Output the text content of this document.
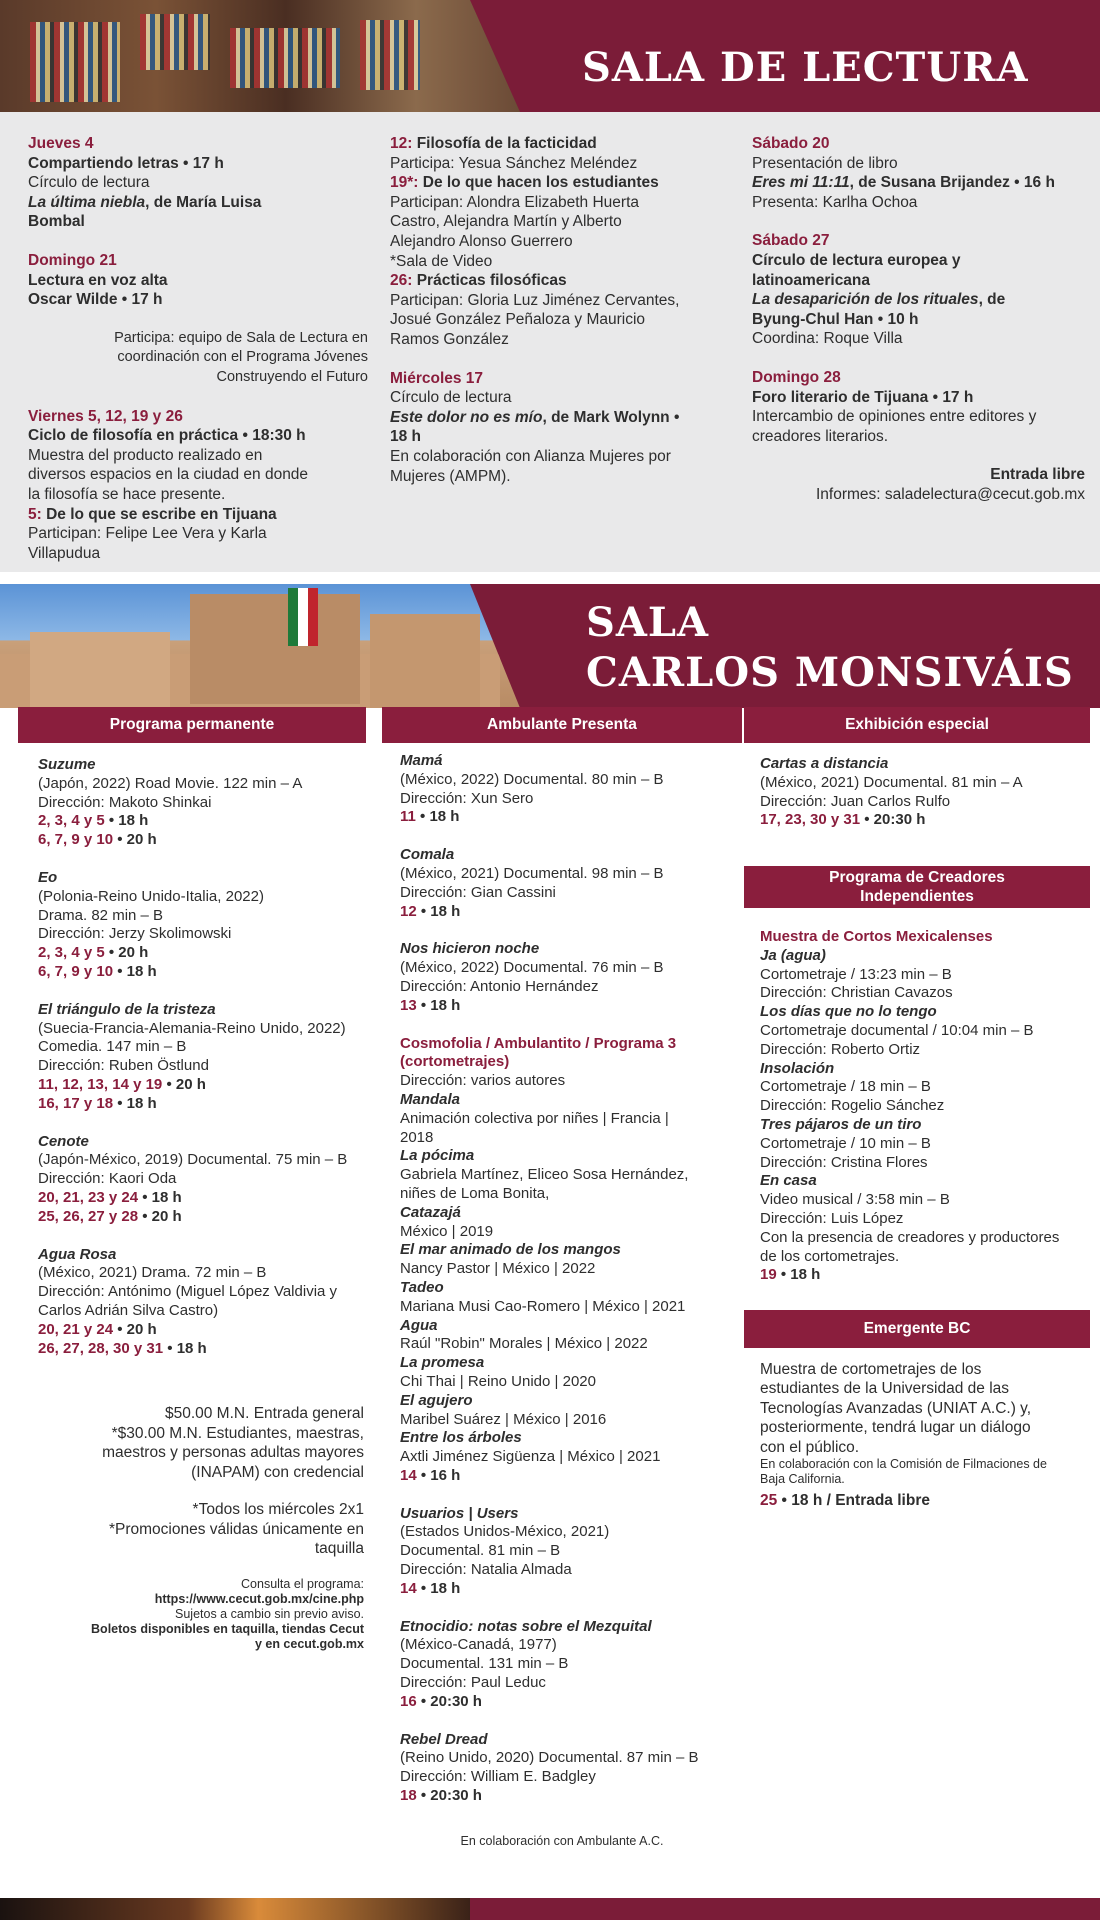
SALA DE LECTURA

Jueves 4

Compartiendo letras • 17 h

Círculo de lectura

La última niebla, de María Luisa

Bombal

Domingo 21

Lectura en voz alta

Oscar Wilde • 17 h

Participa: equipo de Sala de Lectura en

coordinación con el Programa Jóvenes

Construyendo el Futuro

Viernes 5, 12, 19 y 26

Ciclo de filosofía en práctica • 18:30 h

Muestra del producto realizado en

diversos espacios en la ciudad en donde

la filosofía se hace presente.

5: De lo que se escribe en Tijuana

Participan: Felipe Lee Vera y Karla

Villapudua

12: Filosofía de la facticidad

Participa: Yesua Sánchez Meléndez

19*: De lo que hacen los estudiantes

Participan: Alondra Elizabeth Huerta

Castro, Alejandra Martín y Alberto

Alejandro Alonso Guerrero

*Sala de Video

26: Prácticas filosóficas

Participan: Gloria Luz Jiménez Cervantes,

Josué González Peñaloza y Mauricio

Ramos González

Miércoles 17

Círculo de lectura

Este dolor no es mío, de Mark Wolynn •

18 h

En colaboración con Alianza Mujeres por

Mujeres (AMPM).

Sábado 20

Presentación de libro

Eres mi 11:11, de Susana Brijandez • 16 h

Presenta: Karlha Ochoa

Sábado 27

Círculo de lectura europea y

latinoamericana

La desaparición de los rituales, de

Byung-Chul Han • 10 h

Coordina: Roque Villa

Domingo 28

Foro literario de Tijuana • 17 h

Intercambio de opiniones entre editores y

creadores literarios.

Entrada libre

Informes: saladelectura@cecut.gob.mx

SALA
CARLOS MONSIVÁIS
Programa permanente	Ambulante Presenta	Exhibición especial
Programa de Creadores
Independientes
Emergente BC

Suzume

(Japón, 2022) Road Movie. 122 min – A

Dirección: Makoto Shinkai

2, 3, 4 y 5 • 18 h

6, 7, 9 y 10 • 20 h

Eo

(Polonia-Reino Unido-Italia, 2022)

Drama. 82 min – B

Dirección: Jerzy Skolimowski

2, 3, 4 y 5 • 20 h

6, 7, 9 y 10 • 18 h

El triángulo de la tristeza

(Suecia-Francia-Alemania-Reino Unido, 2022)

Comedia. 147 min – B

Dirección: Ruben Östlund

11, 12, 13, 14 y 19 • 20 h

16, 17 y 18 • 18 h

Cenote

(Japón-México, 2019) Documental. 75 min – B

Dirección: Kaori Oda

20, 21, 23 y 24 • 18 h

25, 26, 27 y 28 • 20 h

Agua Rosa

(México, 2021) Drama. 72 min – B

Dirección: Antónimo (Miguel López Valdivia y

Carlos Adrián Silva Castro)

20, 21 y 24 • 20 h

26, 27, 28, 30 y 31 • 18 h

$50.00 M.N. Entrada general

*$30.00 M.N. Estudiantes, maestras,

maestros y personas adultas mayores

(INAPAM) con credencial

*Todos los miércoles 2x1

*Promociones válidas únicamente en

taquilla

Consulta el programa:

https://www.cecut.gob.mx/cine.php

Sujetos a cambio sin previo aviso.

Boletos disponibles en taquilla, tiendas Cecut

y en cecut.gob.mx

Mamá

(México, 2022) Documental. 80 min – B

Dirección: Xun Sero

11 • 18 h

Comala

(México, 2021) Documental. 98 min – B

Dirección: Gian Cassini

12 • 18 h

Nos hicieron noche

(México, 2022) Documental. 76 min – B

Dirección: Antonio Hernández

13 • 18 h

Cosmofolia / Ambulantito / Programa 3

(cortometrajes)

Dirección: varios autores

Mandala

Animación colectiva por niñes | Francia |

2018

La pócima

Gabriela Martínez, Eliceo Sosa Hernández,

niñes de Loma Bonita,

Catazajá

México | 2019

El mar animado de los mangos

Nancy Pastor | México | 2022

Tadeo

Mariana Musi Cao-Romero | México | 2021

Agua

Raúl "Robin" Morales | México | 2022

La promesa

Chi Thai | Reino Unido | 2020

El agujero

Maribel Suárez | México | 2016

Entre los árboles

Axtli Jiménez Sigüenza | México | 2021

14 • 16 h

Usuarios | Users

(Estados Unidos-México, 2021)

Documental. 81 min – B

Dirección: Natalia Almada

14 • 18 h

Etnocidio: notas sobre el Mezquital

(México-Canadá, 1977)

Documental. 131 min – B

Dirección: Paul Leduc

16 • 20:30 h

Rebel Dread

(Reino Unido, 2020) Documental. 87 min – B

Dirección: William E. Badgley

18 • 20:30 h

En colaboración con Ambulante A.C.

Cartas a distancia

(México, 2021) Documental. 81 min – A

Dirección: Juan Carlos Rulfo

17, 23, 30 y 31 • 20:30 h

Muestra de Cortos Mexicalenses

Ja (agua)

Cortometraje / 13:23 min – B

Dirección: Christian Cavazos

Los días que no lo tengo

Cortometraje documental / 10:04 min – B

Dirección: Roberto Ortiz

Insolación

Cortometraje / 18 min – B

Dirección: Rogelio Sánchez

Tres pájaros de un tiro

Cortometraje / 10 min – B

Dirección: Cristina Flores

En casa

Video musical / 3:58 min – B

Dirección: Luis López

Con la presencia de creadores y productores

de los cortometrajes.

19 • 18 h

Muestra de cortometrajes de los

estudiantes de la Universidad de las

Tecnologías Avanzadas (UNIAT A.C.) y,

posteriormente, tendrá lugar un diálogo

con el público.

En colaboración con la Comisión de Filmaciones de

Baja California.

25 • 18 h / Entrada libre
